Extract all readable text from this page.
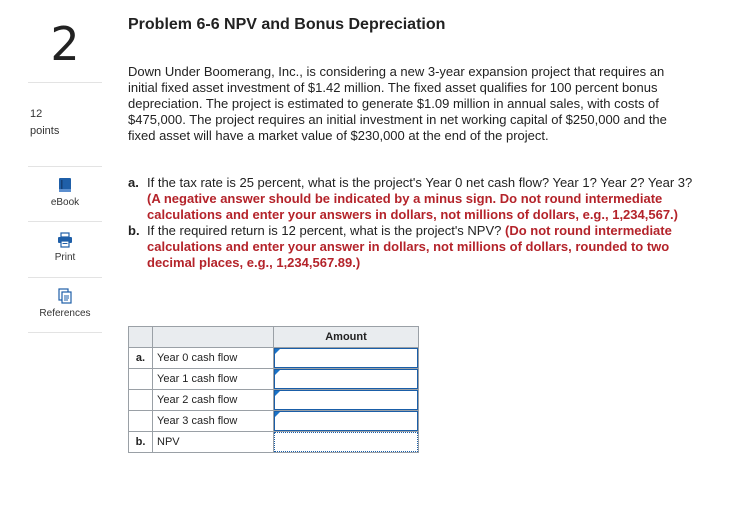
2
12
points
eBook
Print
References
Problem 6-6 NPV and Bonus Depreciation

Down Under Boomerang, Inc., is considering a new 3-year expansion project that requires an initial fixed asset investment of $1.42 million. The fixed asset qualifies for 100 percent bonus depreciation. The project is estimated to generate $1.09 million in annual sales, with costs of $475,000. The project requires an initial investment in net working capital of $250,000 and the fixed asset will have a market value of $230,000 at the end of the project.

a. If the tax rate is 25 percent, what is the project's Year 0 net cash flow? Year 1? Year 2? Year 3? (A negative answer should be indicated by a minus sign. Do not round intermediate calculations and enter your answers in dollars, not millions of dollars, e.g., 1,234,567.)
b. If the required return is 12 percent, what is the project's NPV? (Do not round intermediate calculations and enter your answer in dollars, not millions of dollars, rounded to two decimal places, e.g., 1,234,567.89.)
		Amount
a.	Year 0 cash flow	

	Year 1 cash flow	

	Year 2 cash flow	

	Year 3 cash flow	

b.	NPV	
